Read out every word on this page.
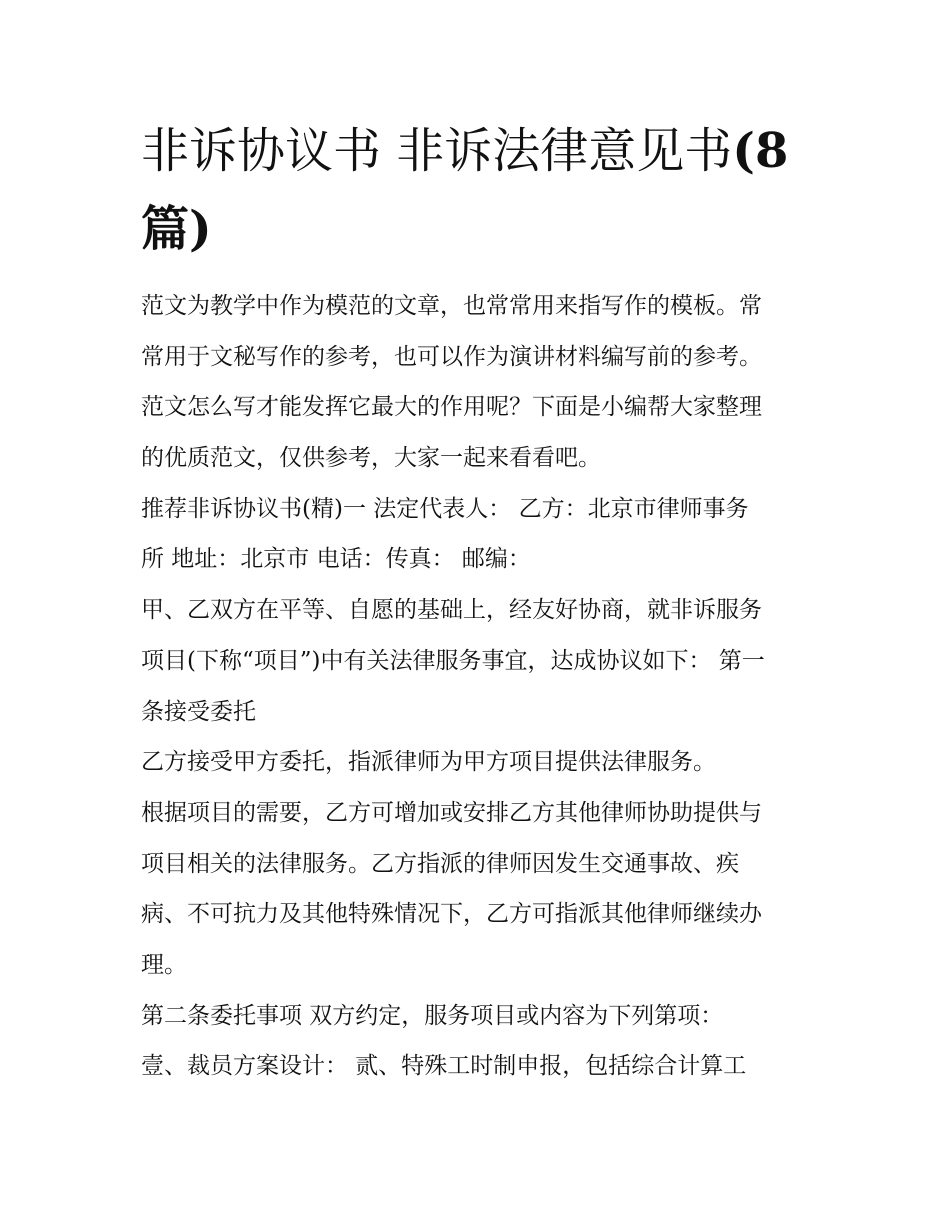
非诉协议书 非诉法律意见书(8
篇)
范文为教学中作为模范的文章，也常常用来指写作的模板。常
常用于文秘写作的参考，也可以作为演讲材料编写前的参考。
范文怎么写才能发挥它最大的作用呢？下面是小编帮大家整理
的优质范文，仅供参考，大家一起来看看吧。
推荐非诉协议书(精)一 法定代表人： 乙方：北京市律师事务
所 地址：北京市 电话：传真： 邮编：
甲、乙双方在平等、自愿的基础上，经友好协商，就非诉服务
项目(下称“项目”)中有关法律服务事宜，达成协议如下： 第一
条接受委托
乙方接受甲方委托，指派律师为甲方项目提供法律服务。
根据项目的需要，乙方可增加或安排乙方其他律师协助提供与
项目相关的法律服务。乙方指派的律师因发生交通事故、疾
病、不可抗力及其他特殊情况下，乙方可指派其他律师继续办
理。
第二条委托事项 双方约定，服务项目或内容为下列第项：
壹、裁员方案设计： 贰、特殊工时制申报，包括综合计算工
